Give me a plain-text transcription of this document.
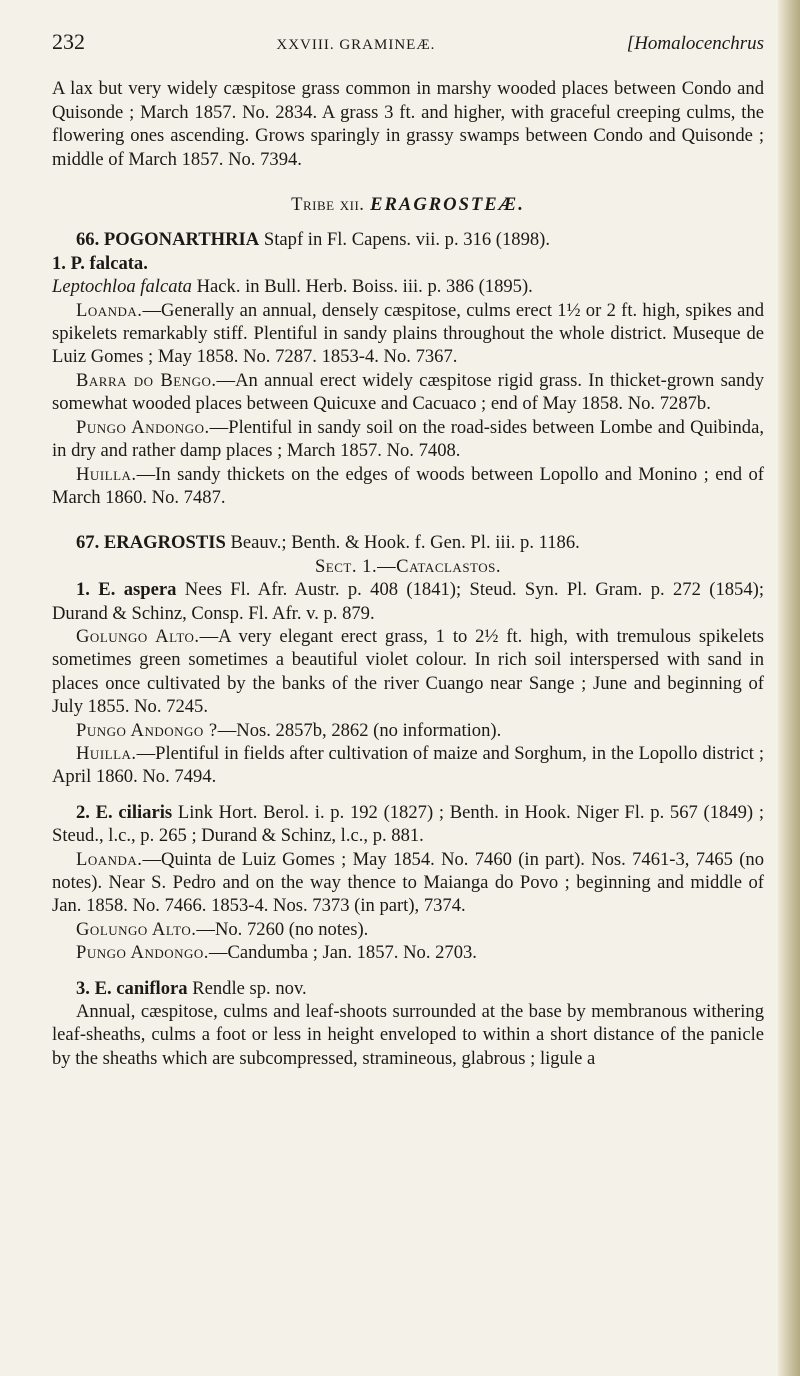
232	XXVIII. GRAMINEÆ.	[Homalocenchrus

A lax but very widely cæspitose grass common in marshy wooded places between Condo and Quisonde ; March 1857. No. 2834. A grass 3 ft. and higher, with graceful creeping culms, the flowering ones ascending. Grows sparingly in grassy swamps between Condo and Quisonde ; middle of March 1857. No. 7394.

Tribe xii. ERAGROSTEÆ.

66. POGONARTHRIA Stapf in Fl. Capens. vii. p. 316 (1898).

1. P. falcata.

Leptochloa falcata Hack. in Bull. Herb. Boiss. iii. p. 386 (1895).

Loanda.—Generally an annual, densely cæspitose, culms erect 1½ or 2 ft. high, spikes and spikelets remarkably stiff. Plentiful in sandy plains throughout the whole district. Museque de Luiz Gomes ; May 1858. No. 7287. 1853-4. No. 7367.

Barra do Bengo.—An annual erect widely cæspitose rigid grass. In thicket-grown sandy somewhat wooded places between Quicuxe and Cacuaco ; end of May 1858. No. 7287b.

Pungo Andongo.—Plentiful in sandy soil on the road-sides between Lombe and Quibinda, in dry and rather damp places ; March 1857. No. 7408.

Huilla.—In sandy thickets on the edges of woods between Lopollo and Monino ; end of March 1860. No. 7487.

67. ERAGROSTIS Beauv.; Benth. & Hook. f. Gen. Pl. iii. p. 1186.

Sect. 1.—Cataclastos.

1. E. aspera Nees Fl. Afr. Austr. p. 408 (1841); Steud. Syn. Pl. Gram. p. 272 (1854); Durand & Schinz, Consp. Fl. Afr. v. p. 879.

Golungo Alto.—A very elegant erect grass, 1 to 2½ ft. high, with tremulous spikelets sometimes green sometimes a beautiful violet colour. In rich soil interspersed with sand in places once cultivated by the banks of the river Cuango near Sange ; June and beginning of July 1855. No. 7245.

Pungo Andongo ?—Nos. 2857b, 2862 (no information).

Huilla.—Plentiful in fields after cultivation of maize and Sorghum, in the Lopollo district ; April 1860. No. 7494.

2. E. ciliaris Link Hort. Berol. i. p. 192 (1827) ; Benth. in Hook. Niger Fl. p. 567 (1849) ; Steud., l.c., p. 265 ; Durand & Schinz, l.c., p. 881.

Loanda.—Quinta de Luiz Gomes ; May 1854. No. 7460 (in part). Nos. 7461-3, 7465 (no notes). Near S. Pedro and on the way thence to Maianga do Povo ; beginning and middle of Jan. 1858. No. 7466. 1853-4. Nos. 7373 (in part), 7374.

Golungo Alto.—No. 7260 (no notes).

Pungo Andongo.—Candumba ; Jan. 1857. No. 2703.

3. E. caniflora Rendle sp. nov.

Annual, cæspitose, culms and leaf-shoots surrounded at the base by membranous withering leaf-sheaths, culms a foot or less in height enveloped to within a short distance of the panicle by the sheaths which are subcompressed, stramineous, glabrous ; ligule a
